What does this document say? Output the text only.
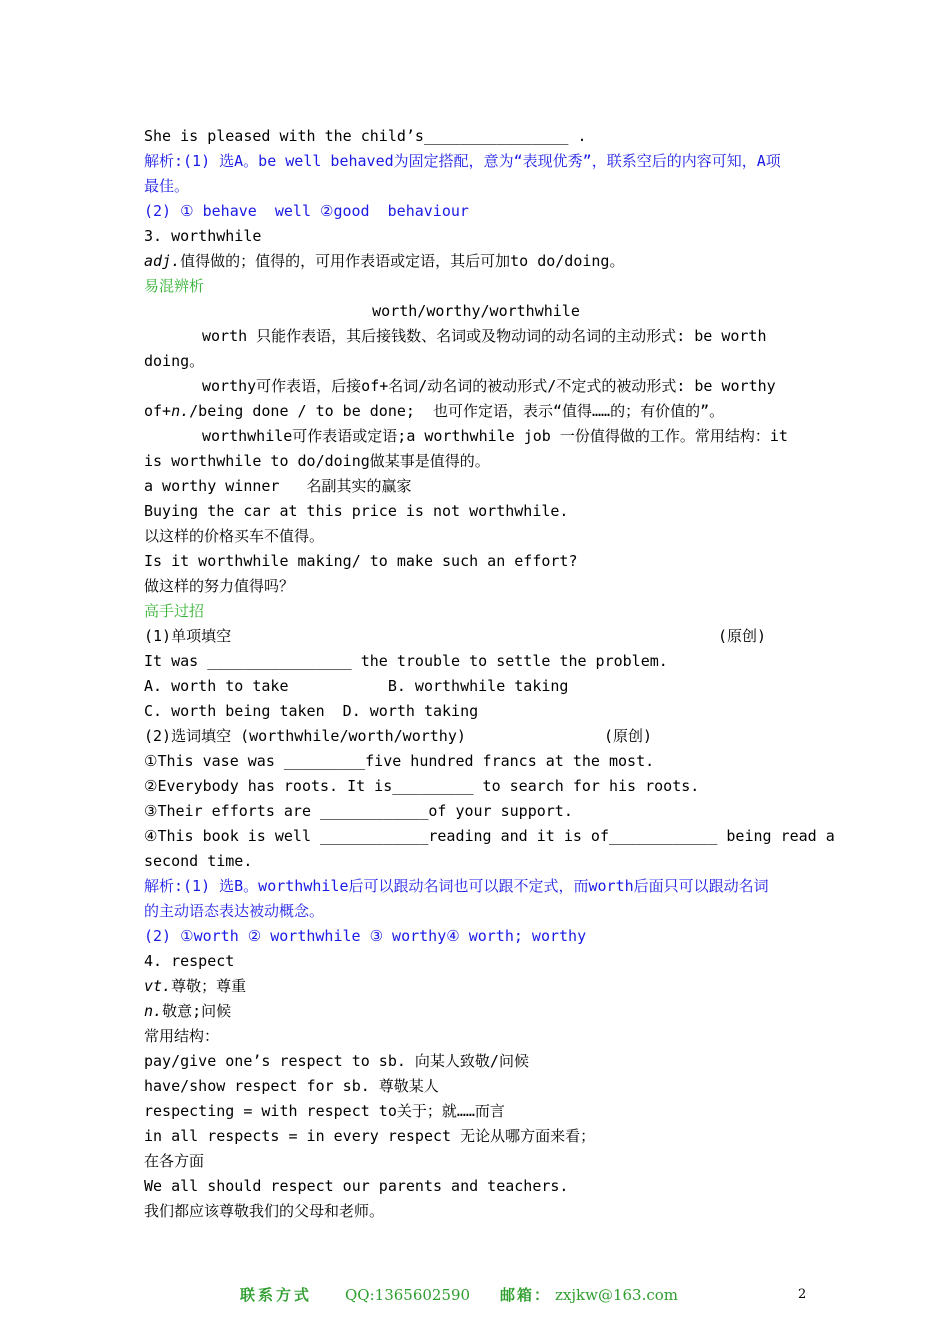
She is pleased with the child’s________________ .
解析:(1) 选A。be well behaved为固定搭配，意为“表现优秀”，联系空后的内容可知，A项
最佳。
(2) ① behave  well ②good  behaviour
3. worthwhile
adj.值得做的；值得的，可用作表语或定语，其后可加to do/doing。
易混辨析
worth/worthy/worthwhile
worth 只能作表语，其后接钱数、名词或及物动词的动名词的主动形式: be worth
doing。
worthy可作表语，后接of+名词/动名词的被动形式/不定式的被动形式: be worthy
of+n./being done / to be done;  也可作定语，表示“值得……的；有价值的”。
worthwhile可作表语或定语;a worthwhile job 一份值得做的工作。常用结构：it
is worthwhile to do/doing做某事是值得的。
a worthy winner   名副其实的赢家
Buying the car at this price is not worthwhile.
以这样的价格买车不值得。
Is it worthwhile making/ to make such an effort?
做这样的努力值得吗？
高手过招
(1)单项填空	(原创)
It was ________________ the trouble to settle the problem.
A. worth to take           B. worthwhile taking
C. worth being taken  D. worth taking
(2)选词填空 (worthwhile/worth/worthy)	(原创)
①This vase was _________five hundred francs at the most.
②Everybody has roots. It is_________ to search for his roots.
③Their efforts are ____________of your support.
④This book is well ____________reading and it is of____________ being read a
second time.
解析:(1) 选B。worthwhile后可以跟动名词也可以跟不定式，而worth后面只可以跟动名词
的主动语态表达被动概念。
(2) ①worth ② worthwhile ③ worthy④ worth; worthy
4. respect
vt.尊敬；尊重
n.敬意;问候
常用结构：
pay/give one’s respect to sb. 向某人致敬/问候
have/show respect for sb. 尊敬某人
respecting = with respect to关于；就……而言
in all respects = in every respect 无论从哪方面来看；
在各方面
We all should respect our parents and teachers.
我们都应该尊敬我们的父母和老师。
联系方式 QQ:1365602590 邮箱： zxjkw@163.com	2
